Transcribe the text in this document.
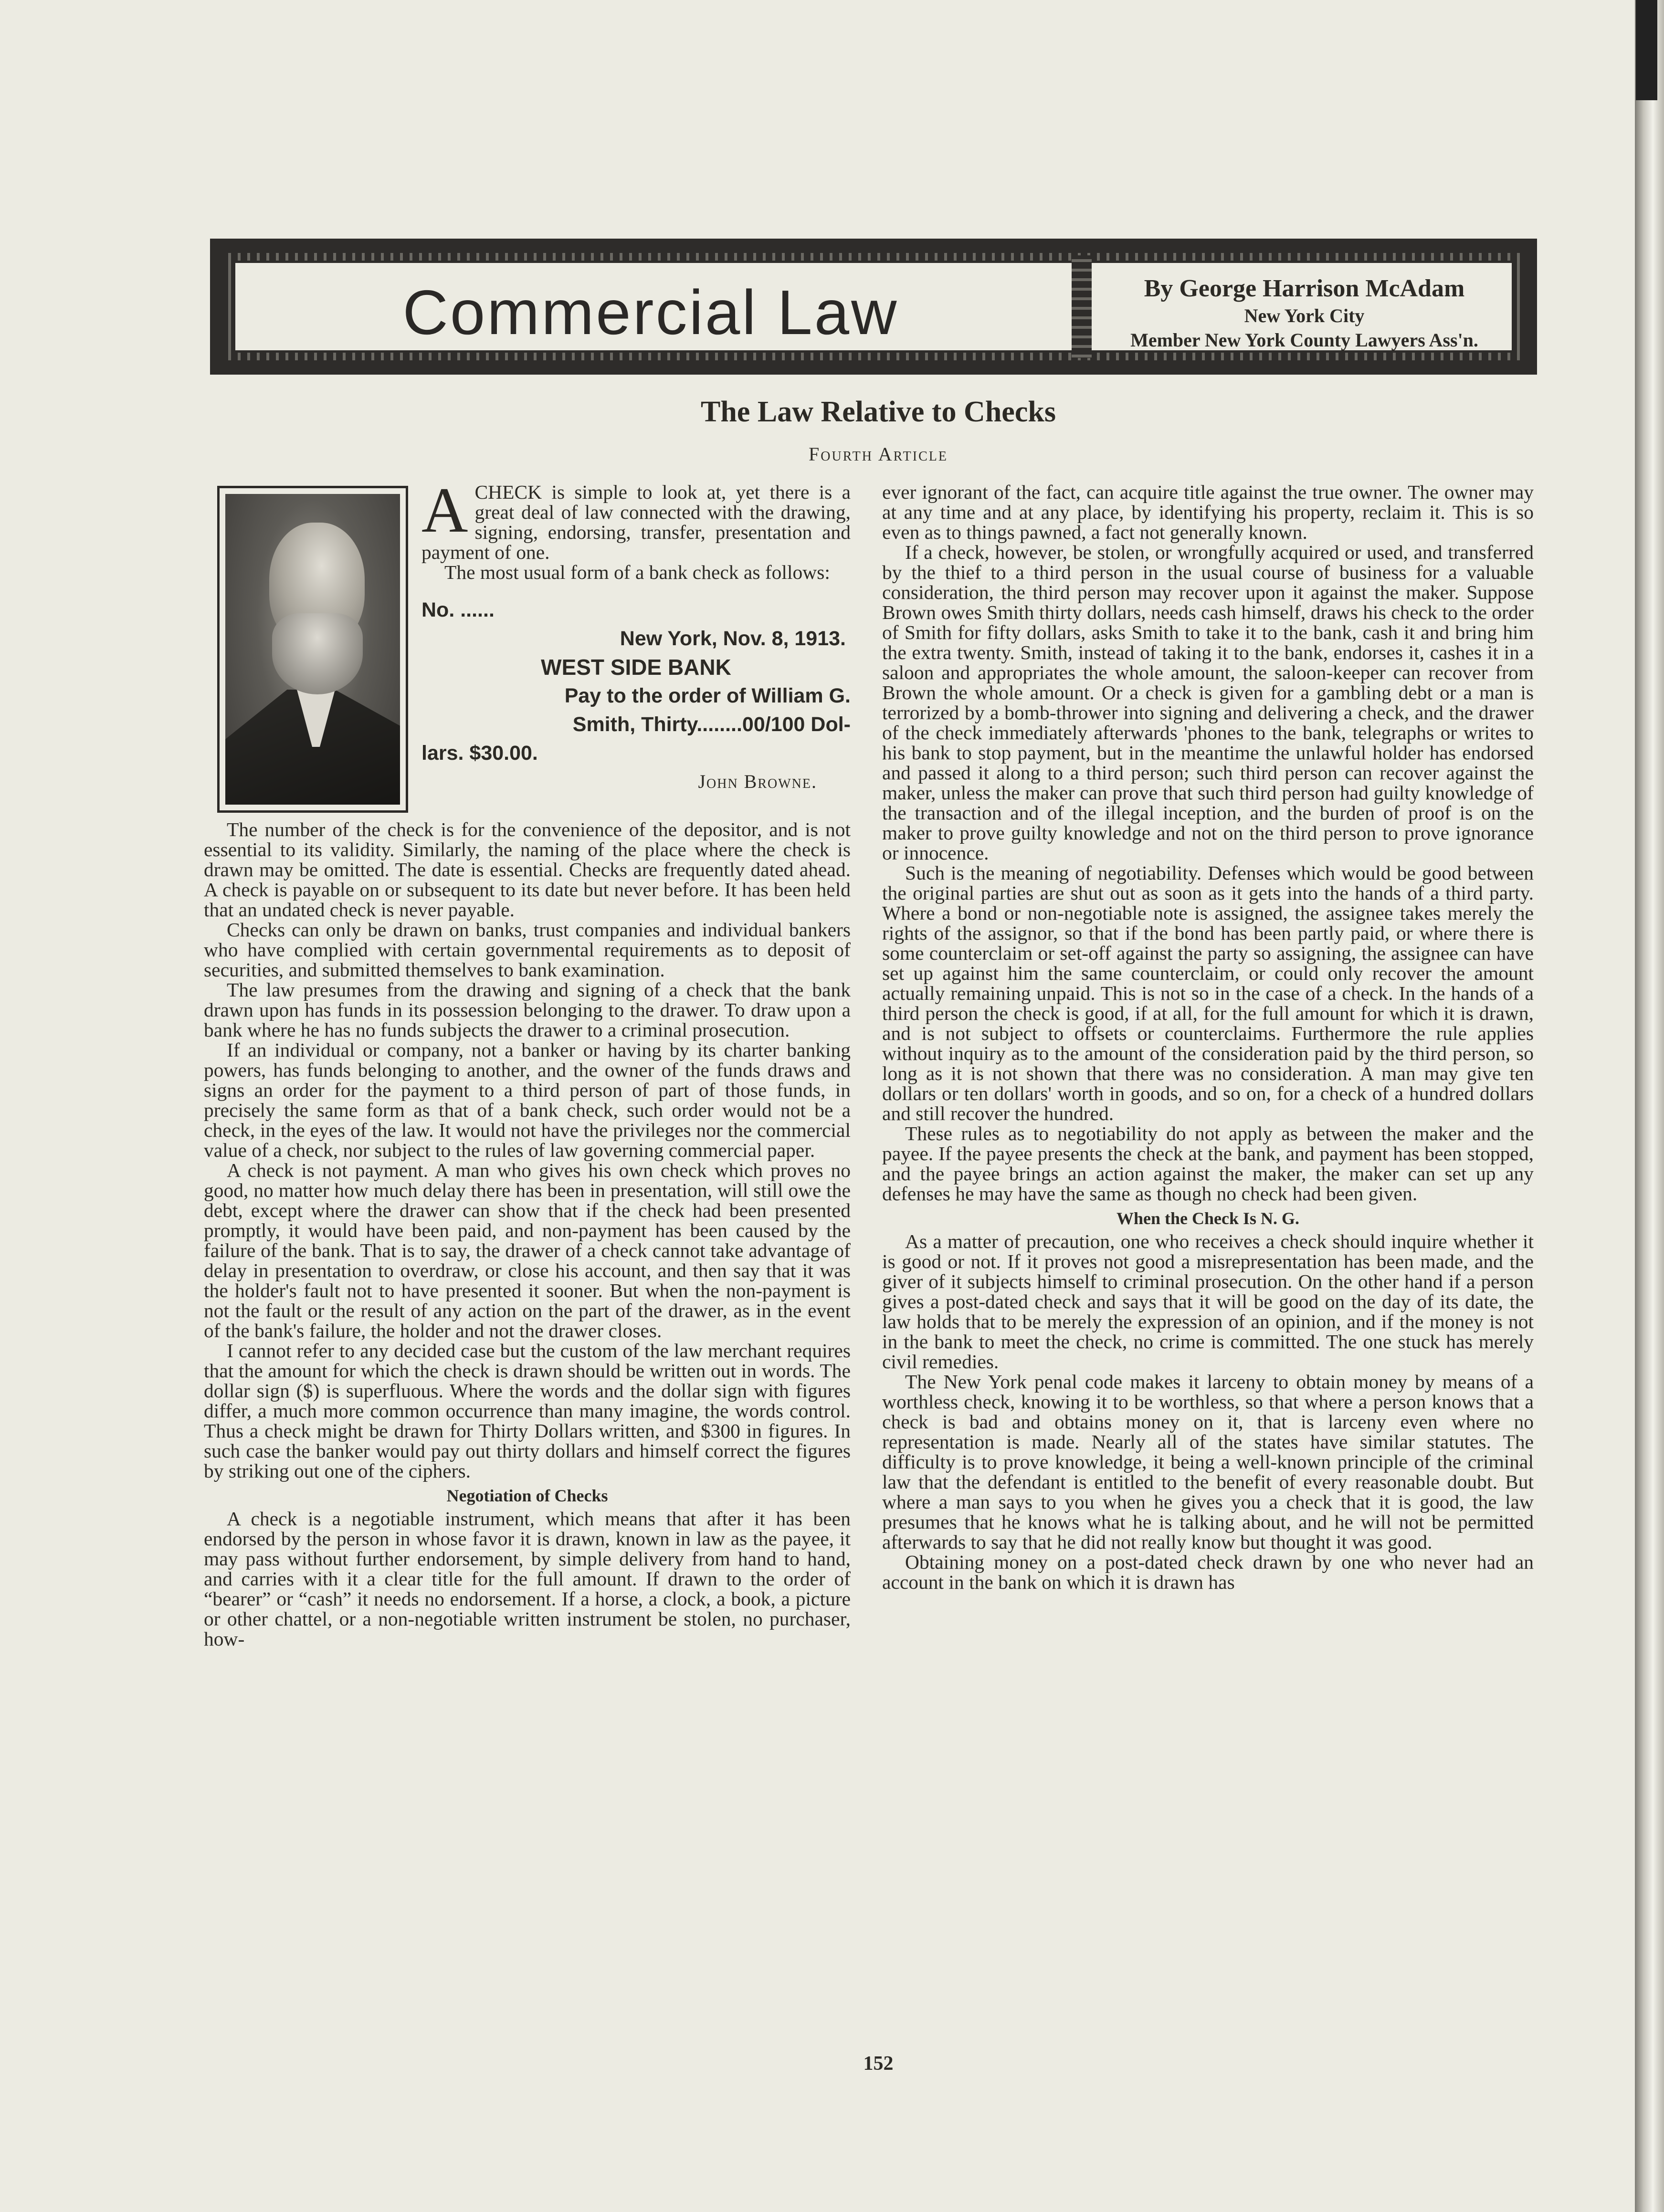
Commercial Law	By George Harrison McAdam
New York City
Member New York County Lawyers Ass'n.
The Law Relative to Checks
Fourth Article

ACHECK is simple to look at, yet there is a great deal of law connected with the drawing, signing, endorsing, transfer, presentation and payment of one.

The most usual form of a bank check as follows:

No. ......
New York, Nov. 8, 1913.
WEST SIDE BANK
Pay to the order of William G.
Smith, Thirty........00/100 Dol-
lars. $30.00.
John Browne.

The number of the check is for the convenience of the depositor, and is not essential to its validity. Similarly, the naming of the place where the check is drawn may be omitted. The date is essential. Checks are frequently dated ahead. A check is payable on or subsequent to its date but never before. It has been held that an undated check is never payable.

Checks can only be drawn on banks, trust companies and individual bankers who have complied with certain governmental requirements as to deposit of securities, and submitted themselves to bank examination.

The law presumes from the drawing and signing of a check that the bank drawn upon has funds in its possession belonging to the drawer. To draw upon a bank where he has no funds subjects the drawer to a criminal prosecution.

If an individual or company, not a banker or having by its charter banking powers, has funds belonging to another, and the owner of the funds draws and signs an order for the payment to a third person of part of those funds, in precisely the same form as that of a bank check, such order would not be a check, in the eyes of the law. It would not have the privileges nor the commercial value of a check, nor subject to the rules of law governing commercial paper.

A check is not payment. A man who gives his own check which proves no good, no matter how much delay there has been in presentation, will still owe the debt, except where the drawer can show that if the check had been presented promptly, it would have been paid, and non-payment has been caused by the failure of the bank. That is to say, the drawer of a check cannot take advantage of delay in presentation to overdraw, or close his account, and then say that it was the holder's fault not to have presented it sooner. But when the non-payment is not the fault or the result of any action on the part of the drawer, as in the event of the bank's failure, the holder and not the drawer closes.

I cannot refer to any decided case but the custom of the law merchant requires that the amount for which the check is drawn should be written out in words. The dollar sign ($) is superfluous. Where the words and the dollar sign with figures differ, a much more common occurrence than many imagine, the words control. Thus a check might be drawn for Thirty Dollars written, and $300 in figures. In such case the banker would pay out thirty dollars and himself correct the figures by striking out one of the ciphers.

Negotiation of Checks

A check is a negotiable instrument, which means that after it has been endorsed by the person in whose favor it is drawn, known in law as the payee, it may pass without further endorsement, by simple delivery from hand to hand, and carries with it a clear title for the full amount. If drawn to the order of “bearer” or “cash” it needs no endorsement. If a horse, a clock, a book, a picture or other chattel, or a non-negotiable written instrument be stolen, no purchaser, how-

ever ignorant of the fact, can acquire title against the true owner. The owner may at any time and at any place, by identifying his property, reclaim it. This is so even as to things pawned, a fact not generally known.

If a check, however, be stolen, or wrongfully acquired or used, and transferred by the thief to a third person in the usual course of business for a valuable consideration, the third person may recover upon it against the maker. Suppose Brown owes Smith thirty dollars, needs cash himself, draws his check to the order of Smith for fifty dollars, asks Smith to take it to the bank, cash it and bring him the extra twenty. Smith, instead of taking it to the bank, endorses it, cashes it in a saloon and appropriates the whole amount, the saloon-keeper can recover from Brown the whole amount. Or a check is given for a gambling debt or a man is terrorized by a bomb-thrower into signing and delivering a check, and the drawer of the check immediately afterwards 'phones to the bank, telegraphs or writes to his bank to stop payment, but in the meantime the unlawful holder has endorsed and passed it along to a third person; such third person can recover against the maker, unless the maker can prove that such third person had guilty knowledge of the transaction and of the illegal inception, and the burden of proof is on the maker to prove guilty knowledge and not on the third person to prove ignorance or innocence.

Such is the meaning of negotiability. Defenses which would be good between the original parties are shut out as soon as it gets into the hands of a third party. Where a bond or non-negotiable note is assigned, the assignee takes merely the rights of the assignor, so that if the bond has been partly paid, or where there is some counterclaim or set-off against the party so assigning, the assignee can have set up against him the same counterclaim, or could only recover the amount actually remaining unpaid. This is not so in the case of a check. In the hands of a third person the check is good, if at all, for the full amount for which it is drawn, and is not subject to offsets or counterclaims. Furthermore the rule applies without inquiry as to the amount of the consideration paid by the third person, so long as it is not shown that there was no consideration. A man may give ten dollars or ten dollars' worth in goods, and so on, for a check of a hundred dollars and still recover the hundred.

These rules as to negotiability do not apply as between the maker and the payee. If the payee presents the check at the bank, and payment has been stopped, and the payee brings an action against the maker, the maker can set up any defenses he may have the same as though no check had been given.

When the Check Is N. G.

As a matter of precaution, one who receives a check should inquire whether it is good or not. If it proves not good a misrepresentation has been made, and the giver of it subjects himself to criminal prosecution. On the other hand if a person gives a post-dated check and says that it will be good on the day of its date, the law holds that to be merely the expression of an opinion, and if the money is not in the bank to meet the check, no crime is committed. The one stuck has merely civil remedies.

The New York penal code makes it larceny to obtain money by means of a worthless check, knowing it to be worthless, so that where a person knows that a check is bad and obtains money on it, that is larceny even where no representation is made. Nearly all of the states have similar statutes. The difficulty is to prove knowledge, it being a well-known principle of the criminal law that the defendant is entitled to the benefit of every reasonable doubt. But where a man says to you when he gives you a check that it is good, the law presumes that he knows what he is talking about, and he will not be permitted afterwards to say that he did not really know but thought it was good.

Obtaining money on a post-dated check drawn by one who never had an account in the bank on which it is drawn has

152
